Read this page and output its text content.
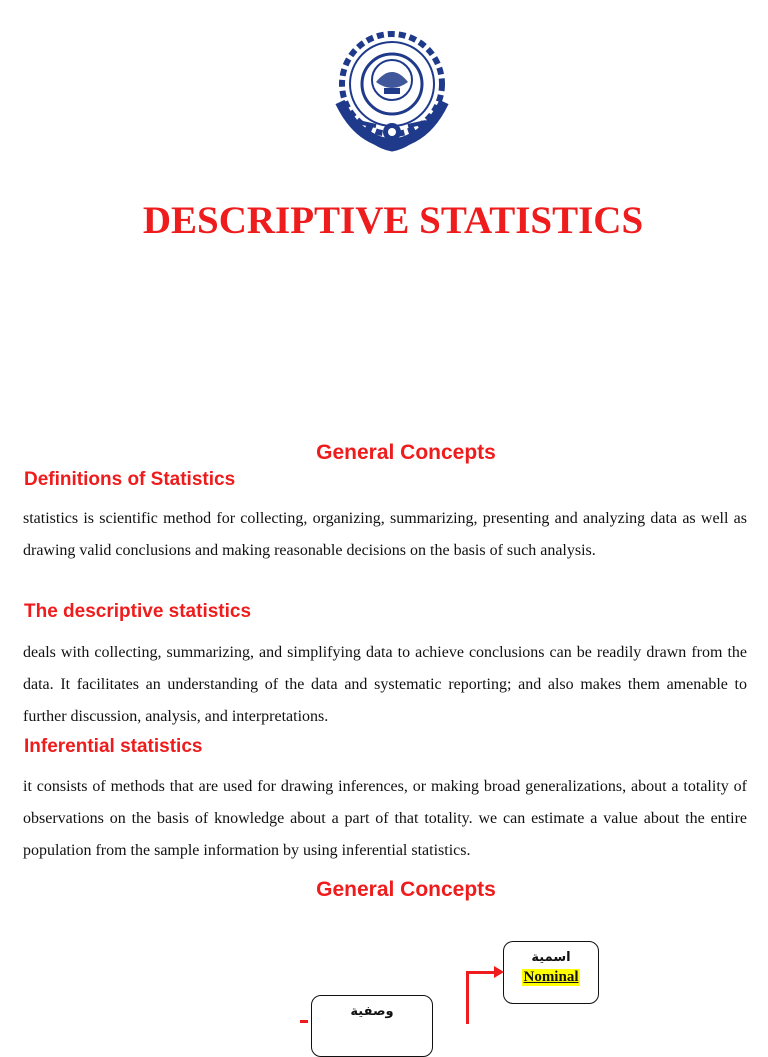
DESCRIPTIVE STATISTICS
General Concepts
Definitions of Statistics

statistics is scientific method for collecting, organizing, summarizing, presenting and analyzing data as well as drawing valid conclusions and making reasonable decisions on the basis of such analysis.

The descriptive statistics

deals with collecting, summarizing, and simplifying data to achieve conclusions can be readily drawn from the data. It facilitates an understanding of the data and systematic reporting; and also makes them amenable to further discussion, analysis, and interpretations.

Inferential statistics

it consists of methods that are used for drawing inferences, or making broad generalizations, about a totality of observations on the basis of knowledge about a part of that totality. we can estimate a value about the entire population from the sample information by using inferential statistics.

General Concepts
اسمية
Nominal
وصفية
